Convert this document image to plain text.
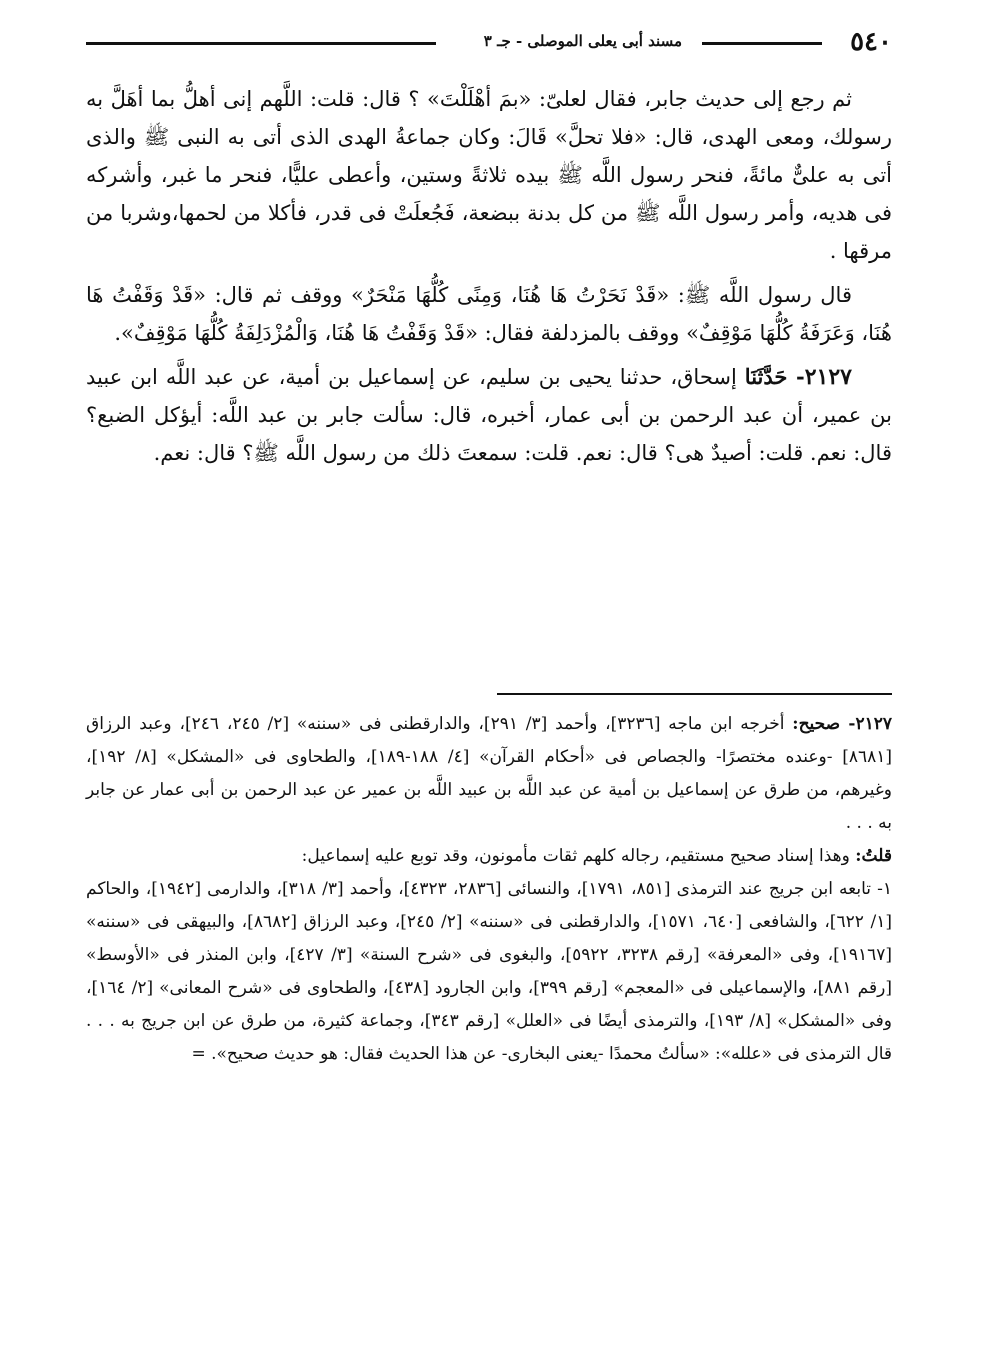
٥٤٠
مسند أبى يعلى الموصلى - جـ ٣

ثم رجع إلى حديث جابر، فقال لعلىّ: «بمَ أهْلَلْتَ» ؟ قال: قلت: اللَّهم إنى أهلُّ بما أهَلَّ به رسولك، ومعى الهدى، قال: «فلا تحلَّ» قَالَ: وكان جماعةُ الهدى الذى أتى به النبى ﷺ والذى أتى به علىٌّ مائةً، فنحر رسول اللَّه ﷺ بيده ثلاثةً وستين، وأعطى عليًّا، فنحر ما غبر، وأشركه فى هديه، وأمر رسول اللَّه ﷺ من كل بدنة ببضعة، فَجُعلَتْ فى قدر، فأكلا من لحمها،وشربا من مرقها .

قال رسول اللَّه ﷺ: «قَدْ نَحَرْتُ هَا هُنَا، وَمِنًى كُلُّهَا مَنْحَرٌ» ووقف ثم قال: «قَدْ وَقَفْتُ هَا هُنَا، وَعَرَفَةُ كُلُّهَا مَوْقِفٌ» ووقف بالمزدلفة فقال: «قَدْ وَقَفْتُ هَا هُنَا، وَالْمُزْدَلِفَةُ كُلُّهَا مَوْقِفٌ».

٢١٢٧- حَدَّثَنَا إسحاق، حدثنا يحيى بن سليم، عن إسماعيل بن أمية، عن عبد اللَّه ابن عبيد بن عمير، أن عبد الرحمن بن أبى عمار، أخبره، قال: سألت جابر بن عبد اللَّه: أيؤكل الضبع؟ قال: نعم. قلت: أصيدٌ هى؟ قال: نعم. قلت: سمعتَ ذلك من رسول اللَّه ﷺ؟ قال: نعم.

٢١٢٧- صحيح: أخرجه ابن ماجه [٣٢٣٦]، وأحمد [٣/ ٢٩١]، والدارقطنى فى «سننه» [٢/ ٢٤٥، ٢٤٦]، وعبد الرزاق [٨٦٨١] -وعنده مختصرًا- والجصاص فى «أحكام القرآن» [٤/ ١٨٨-١٨٩]، والطحاوى فى «المشكل» [٨/ ١٩٢]، وغيرهم، من طرق عن إسماعيل بن أمية عن عبد اللَّه بن عبيد اللَّه بن عمير عن عبد الرحمن بن أبى عمار عن جابر به . . .

قلتُ: وهذا إسناد صحيح مستقيم، رجاله كلهم ثقات مأمونون، وقد توبع عليه إسماعيل:

١- تابعه ابن جريج عند الترمذى [٨٥١، ١٧٩١]، والنسائى [٢٨٣٦، ٤٣٢٣]، وأحمد [٣/ ٣١٨]، والدارمى [١٩٤٢]، والحاكم [١/ ٦٢٢]، والشافعى [٦٤٠، ١٥٧١]، والدارقطنى فى «سننه» [٢/ ٢٤٥]، وعبد الرزاق [٨٦٨٢]، والبيهقى فى «سننه» [١٩١٦٧]، وفى «المعرفة» [رقم ٣٢٣٨، ٥٩٢٢]، والبغوى فى «شرح السنة» [٣/ ٤٢٧]، وابن المنذر فى «الأوسط» [رقم ٨٨١]، والإسماعيلى فى «المعجم» [رقم ٣٩٩]، وابن الجارود [٤٣٨]، والطحاوى فى «شرح المعانى» [٢/ ١٦٤]، وفى «المشكل» [٨/ ١٩٣]، والترمذى أيضًا فى «العلل» [رقم ٣٤٣]، وجماعة كثيرة، من طرق عن ابن جريج به . . . قال الترمذى فى «علله»: «سألتُ محمدًا -يعنى البخارى- عن هذا الحديث فقال: هو حديث صحيح». =
